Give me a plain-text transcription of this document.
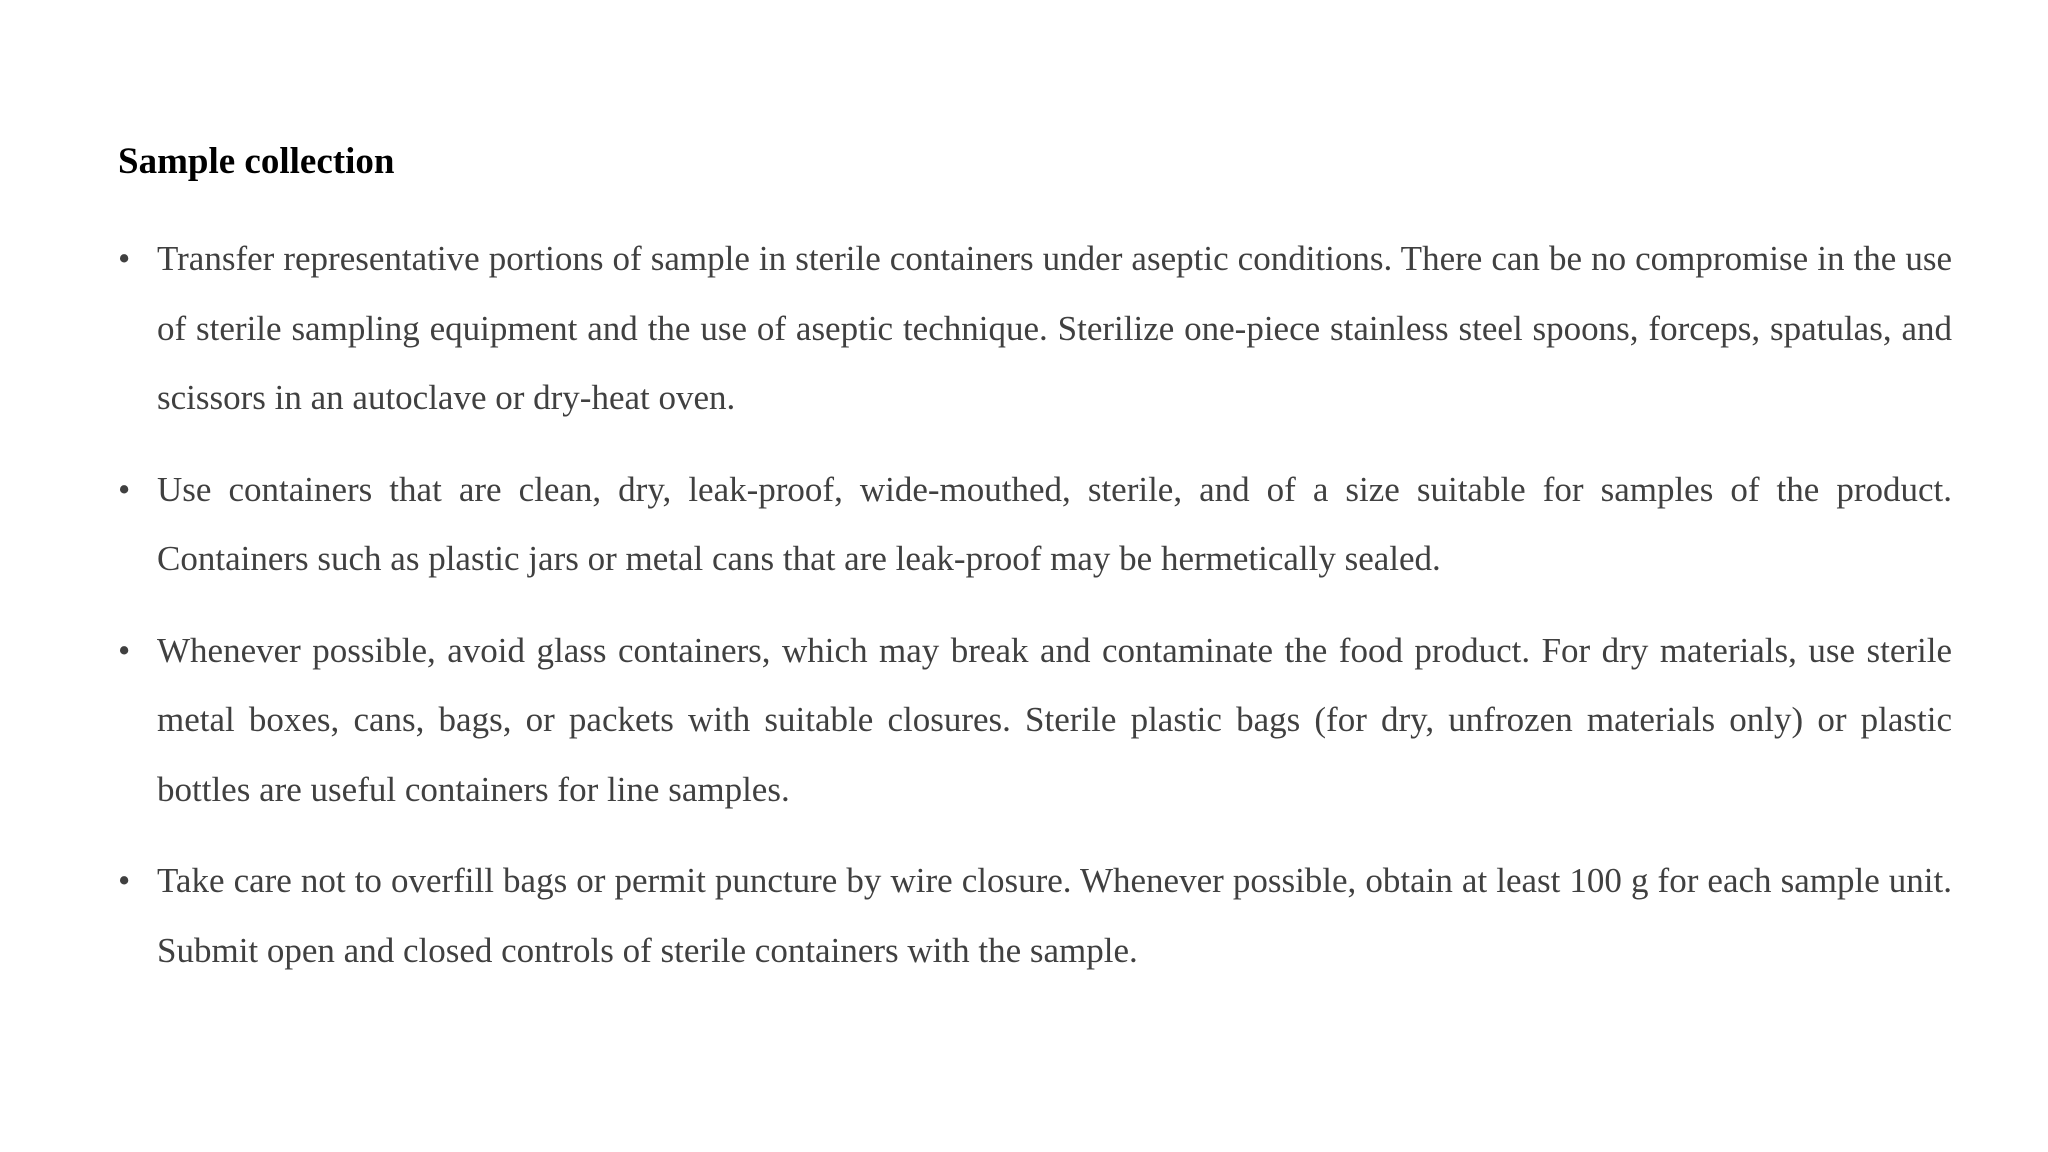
Sample collection
• Transfer representative portions of sample in sterile containers under aseptic conditions. There can be no compromise in the use of sterile sampling equipment and the use of aseptic technique. Sterilize one-piece stainless steel spoons, forceps, spatulas, and scissors in an autoclave or dry-heat oven.
• Use containers that are clean, dry, leak-proof, wide-mouthed, sterile, and of a size suitable for samples of the product. Containers such as plastic jars or metal cans that are leak-proof may be hermetically sealed.
• Whenever possible, avoid glass containers, which may break and contaminate the food product. For dry materials, use sterile metal boxes, cans, bags, or packets with suitable closures. Sterile plastic bags (for dry, unfrozen materials only) or plastic bottles are useful containers for line samples.
• Take care not to overfill bags or permit puncture by wire closure. Whenever possible, obtain at least 100 g for each sample unit. Submit open and closed controls of sterile containers with the sample.
